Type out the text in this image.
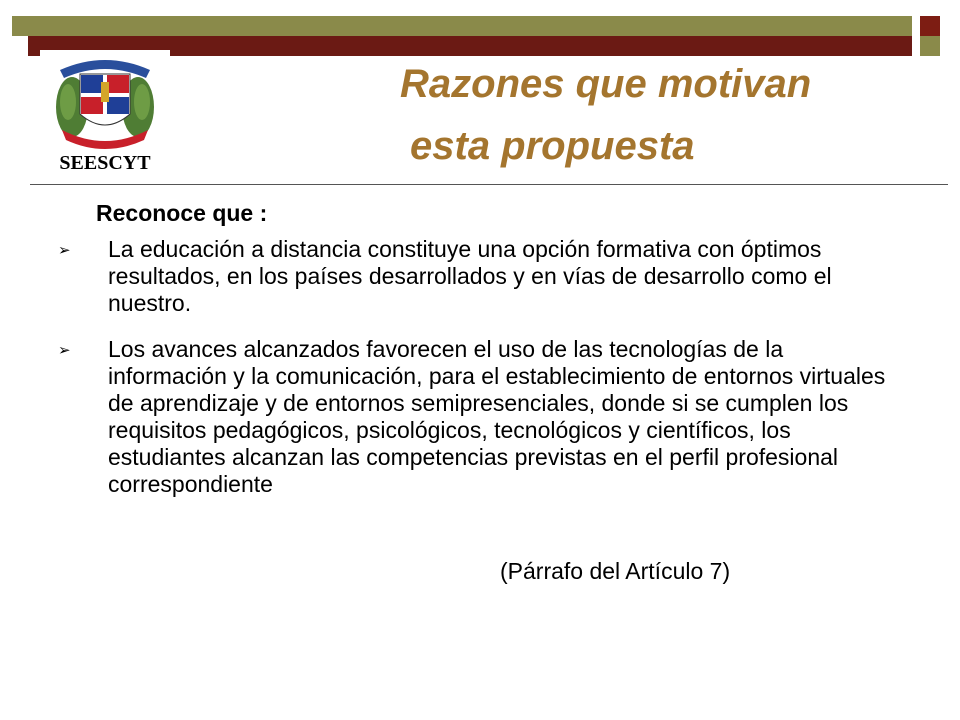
SEESCYT
Razones que motivan
esta propuesta
Reconoce que :
➢ La educación a distancia constituye una opción formativa con óptimos resultados, en los países desarrollados y en vías de desarrollo como el nuestro.
➢ Los avances alcanzados favorecen el uso de las tecnologías de la información y la comunicación, para el establecimiento de entornos virtuales de aprendizaje y de entornos semipresenciales, donde si se cumplen los requisitos pedagógicos, psicológicos, tecnológicos y científicos, los estudiantes alcanzan las competencias previstas en el perfil profesional correspondiente
(Párrafo del Artículo 7)
